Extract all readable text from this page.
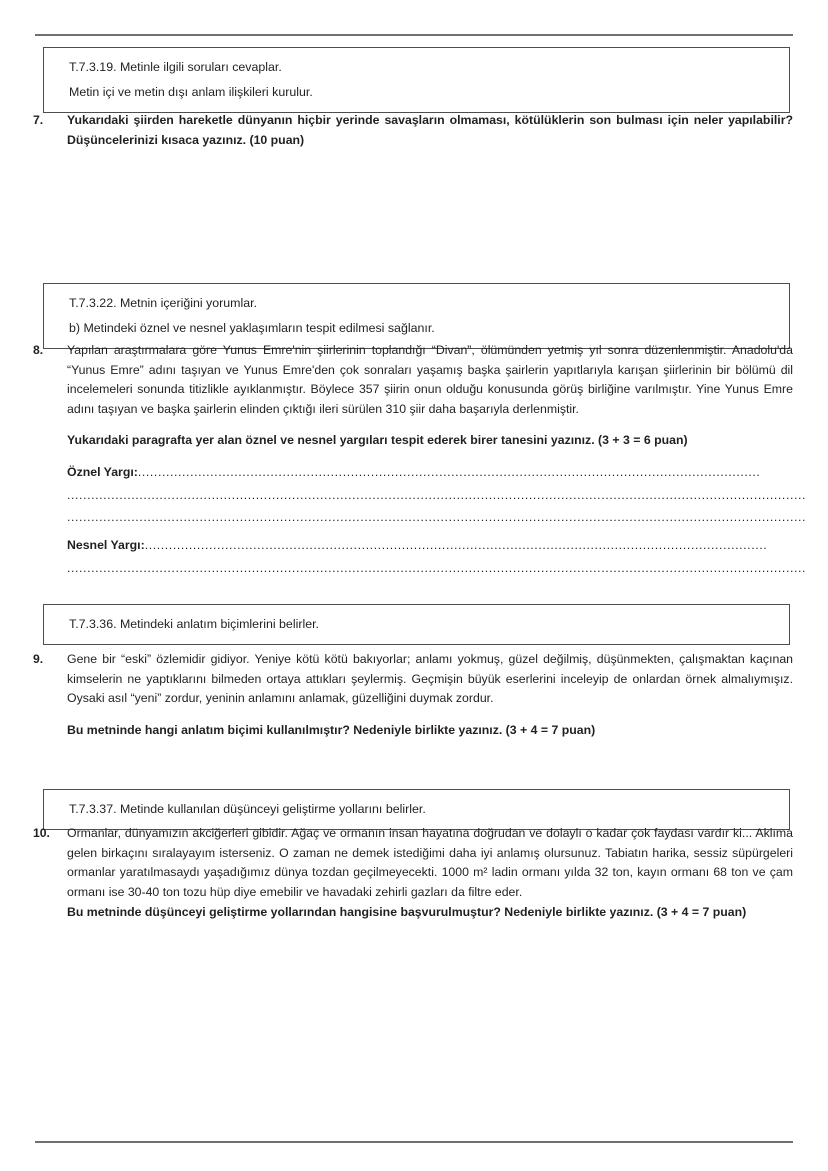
T.7.3.19. Metinle ilgili soruları cevaplar.
Metin içi ve metin dışı anlam ilişkileri kurulur.
7.	Yukarıdaki şiirden hareketle dünyanın hiçbir yerinde savaşların olmaması, kötülüklerin son bulması için neler yapılabilir? Düşüncelerinizi kısaca yazınız. (10 puan)

T.7.3.22. Metnin içeriğini yorumlar.
b) Metindeki öznel ve nesnel yaklaşımların tespit edilmesi sağlanır.
8.	Yapılan araştırmalara göre Yunus Emre'nin şiirlerinin toplandığı “Divan”, ölümünden yetmiş yıl sonra düzenlenmiştir. Anadolu'da “Yunus Emre” adını taşıyan ve Yunus Emre'den çok sonraları yaşamış başka şairlerin yapıtlarıyla karışan şiirlerinin bir bölümü dil incelemeleri sonunda titizlikle ayıklanmıştır. Böylece 357 şiirin onun olduğu konusunda görüş birliğine varılmıştır. Yine Yunus Emre adını taşıyan ve başka şairlerin elinden çıktığı ileri sürülen 310 şiir daha başarıyla derlenmiştir.

Yukarıdaki paragrafta yer alan öznel ve nesnel yargıları tespit ederek birer tanesini yazınız. (3 + 3 = 6 puan)

Öznel Yargı:...........................................................................................................................................................
........................................................................................................................................................................................
........................................................................................................................................................................................
Nesnel Yargı:...........................................................................................................................................................
........................................................................................................................................................................................
T.7.3.36. Metindeki anlatım biçimlerini belirler.
9.	Gene bir “eski” özlemidir gidiyor. Yeniye kötü kötü bakıyorlar; anlamı yokmuş, güzel değilmiş, düşünmekten, çalışmaktan kaçınan kimselerin ne yaptıklarını bilmeden ortaya attıkları şeylermiş. Geçmişin büyük eserlerini inceleyip de onlardan örnek almalıymışız. Oysaki asıl “yeni” zordur, yeninin anlamını anlamak, güzelliğini duymak zordur.

Bu metninde hangi anlatım biçimi kullanılmıştır? Nedeniyle birlikte yazınız. (3 + 4 = 7 puan)

T.7.3.37. Metinde kullanılan düşünceyi geliştirme yollarını belirler.
10.	Ormanlar, dünyamızın akciğerleri gibidir. Ağaç ve ormanın insan hayatına doğrudan ve dolaylı o kadar çok faydası vardır ki... Aklıma gelen birkaçını sıralayayım isterseniz. O zaman ne demek istediğimi daha iyi anlamış olursunuz. Tabiatın harika, sessiz süpürgeleri ormanlar yaratılmasaydı yaşadığımız dünya tozdan geçilmeyecekti. 1000 m² ladin ormanı yılda 32 ton, kayın ormanı 68 ton ve çam ormanı ise 30-40 ton tozu hüp diye emebilir ve havadaki zehirli gazları da filtre eder.

Bu metninde düşünceyi geliştirme yollarından hangisine başvurulmuştur? Nedeniyle birlikte yazınız. (3 + 4 = 7 puan)
